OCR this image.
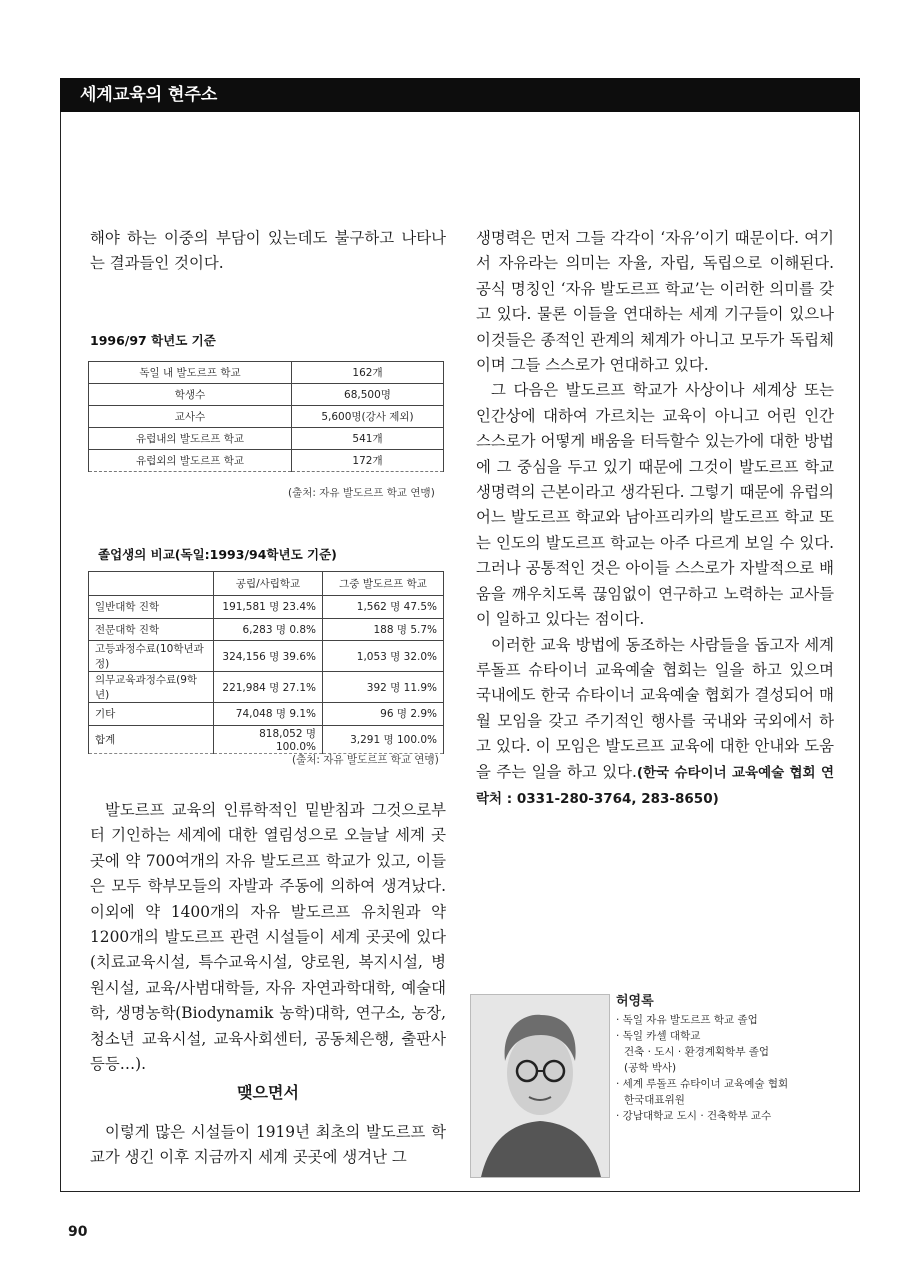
세계교육의 현주소

해야 하는 이중의 부담이 있는데도 불구하고 나타나는 결과들인 것이다.

1996/97 학년도 기준
독일 내 발도르프 학교	162개
학생수	68,500명
교사수	5,600명(강사 제외)
유럽내의 발도르프 학교	541개
유럽외의 발도르프 학교	172개
(출처: 자유 발도르프 학교 연맹)
졸업생의 비교(독일:1993/94학년도 기준)
	공립/사립학교	그중 발도르프 학교
일반대학 진학	191,581 명 23.4%	1,562 명 47.5%
전문대학 진학	6,283 명 0.8%	188 명 5.7%
고등과정수료(10학년과정)	324,156 명 39.6%	1,053 명 32.0%
의무교육과정수료(9학년)	221,984 명 27.1%	392 명 11.9%
기타	74,048 명 9.1%	96 명 2.9%
합계	818,052 명 100.0%	3,291 명 100.0%
(출처: 자유 발도르프 학교 연맹)

발도르프 교육의 인류학적인 밑받침과 그것으로부터 기인하는 세계에 대한 열림성으로 오늘날 세계 곳곳에 약 700여개의 자유 발도르프 학교가 있고, 이들은 모두 학부모들의 자발과 주동에 의하여 생겨났다. 이외에 약 1400개의 자유 발도르프 유치원과 약 1200개의 발도르프 관련 시설들이 세계 곳곳에 있다(치료교육시설, 특수교육시설, 양로원, 복지시설, 병원시설, 교육/사범대학들, 자유 자연과학대학, 예술대학, 생명농학(Biodynamik 농학)대학, 연구소, 농장, 청소년 교육시설, 교육사회센터, 공동체은행, 출판사 등등…).

맺으면서

이렇게 많은 시설들이 1919년 최초의 발도르프 학교가 생긴 이후 지금까지 세계 곳곳에 생겨난 그

생명력은 먼저 그들 각각이 ‘자유’이기 때문이다. 여기서 자유라는 의미는 자율, 자립, 독립으로 이해된다. 공식 명칭인 ‘자유 발도르프 학교’는 이러한 의미를 갖고 있다. 물론 이들을 연대하는 세계 기구들이 있으나 이것들은 종적인 관계의 체계가 아니고 모두가 독립체이며 그들 스스로가 연대하고 있다.

그 다음은 발도르프 학교가 사상이나 세계상 또는 인간상에 대하여 가르치는 교육이 아니고 어린 인간 스스로가 어떻게 배움을 터득할수 있는가에 대한 방법에 그 중심을 두고 있기 때문에 그것이 발도르프 학교 생명력의 근본이라고 생각된다. 그렇기 때문에 유럽의 어느 발도르프 학교와 남아프리카의 발도르프 학교 또는 인도의 발도르프 학교는 아주 다르게 보일 수 있다. 그러나 공통적인 것은 아이들 스스로가 자발적으로 배움을 깨우치도록 끊임없이 연구하고 노력하는 교사들이 일하고 있다는 점이다.

이러한 교육 방법에 동조하는 사람들을 돕고자 세계 루돌프 슈타이너 교육예술 협회는 일을 하고 있으며 국내에도 한국 슈타이너 교육예술 협회가 결성되어 매월 모임을 갖고 주기적인 행사를 국내와 국외에서 하고 있다. 이 모임은 발도르프 교육에 대한 안내와 도움을 주는 일을 하고 있다.(한국 슈타이너 교육예술 협회 연락처 : 0331-280-3764, 283-8650)

허영록

· 독일 자유 발도르프 학교 졸업

· 독일 카셀 대학교

건축 · 도시 · 환경계획학부 졸업

(공학 박사)

· 세계 루돌프 슈타이너 교육예술 협회

한국대표위원

· 강남대학교 도시 · 건축학부 교수

90
